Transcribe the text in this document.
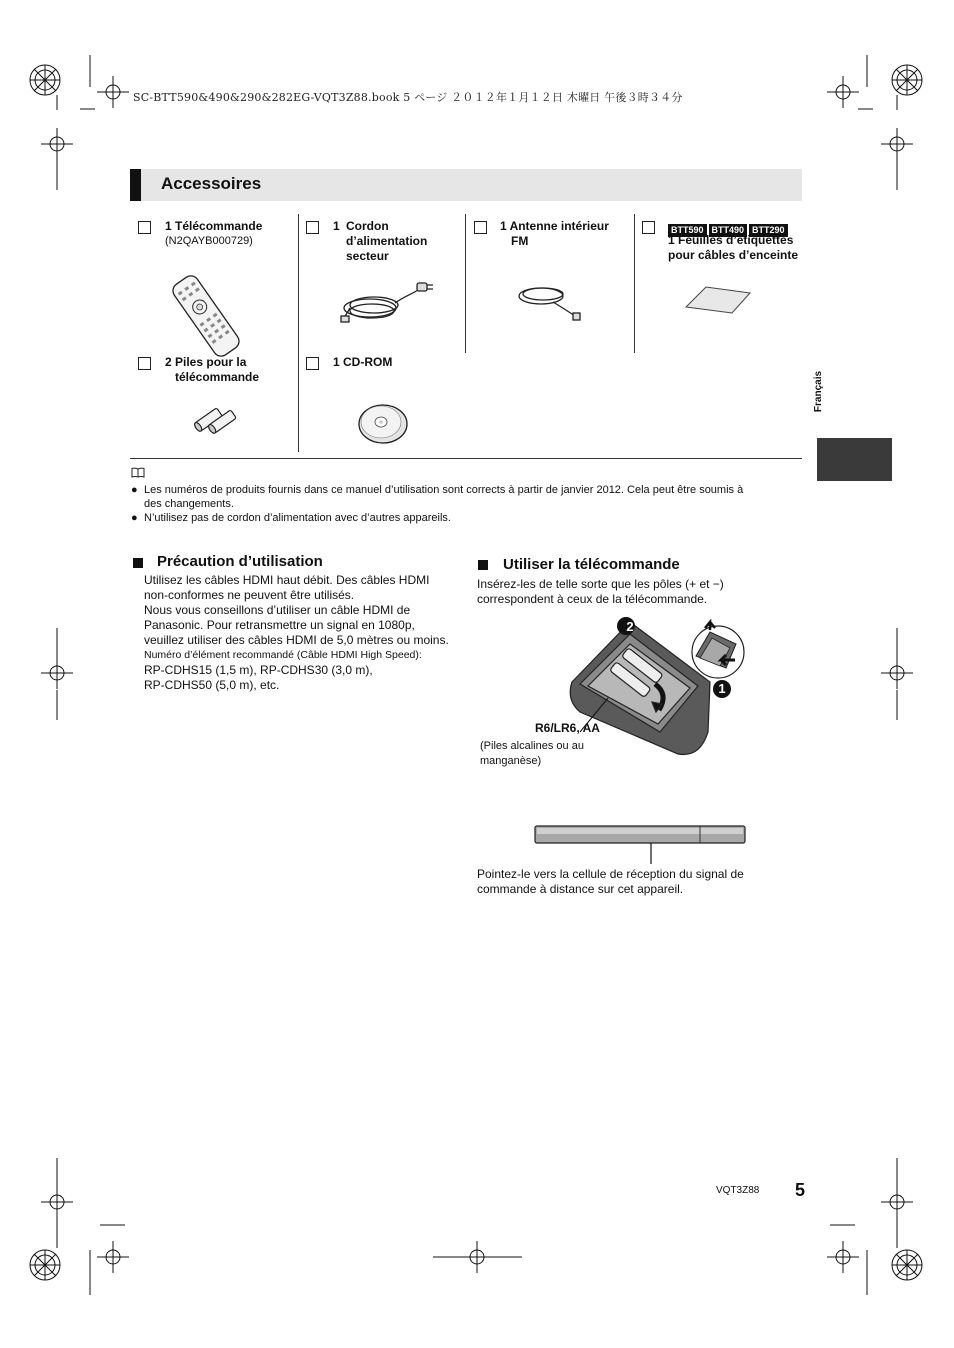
SC-BTT590&490&290&282EG-VQT3Z88.book 5 ページ ２０１２年１月１２日 木曜日 午後３時３４分
Accessoires
1 Télécommande
(N2QAYB000729)
1 Cordon
d’alimentation
secteur
1 Antenne intérieur
FM
BTT590 BTT490 BTT290
1 Feuilles d’étiquettes
pour câbles d’enceinte
2 Piles pour la
télécommande
1 CD-ROM
● Les numéros de produits fournis dans ce manuel d’utilisation sont corrects à partir de janvier 2012. Cela peut être soumis à
des changements.
● N’utilisez pas de cordon d’alimentation avec d’autres appareils.
Précaution d’utilisation
Utilisez les câbles HDMI haut débit. Des câbles HDMI
non-conformes ne peuvent être utilisés.
Nous vous conseillons d’utiliser un câble HDMI de
Panasonic. Pour retransmettre un signal en 1080p,
veuillez utiliser des câbles HDMI de 5,0 mètres ou moins.
Numéro d’élément recommandé (Câble HDMI High Speed):
RP-CDHS15 (1,5 m), RP-CDHS30 (3,0 m),
RP-CDHS50 (5,0 m), etc.
Utiliser la télécommande
Insérez-les de telle sorte que les pôles (+ et −)
correspondent à ceux de la télécommande.
2
1
R6/LR6, AA
(Piles alcalines ou au
manganèse)
Pointez-le vers la cellule de réception du signal de
commande à distance sur cet appareil.
Français
VQT3Z88 5
